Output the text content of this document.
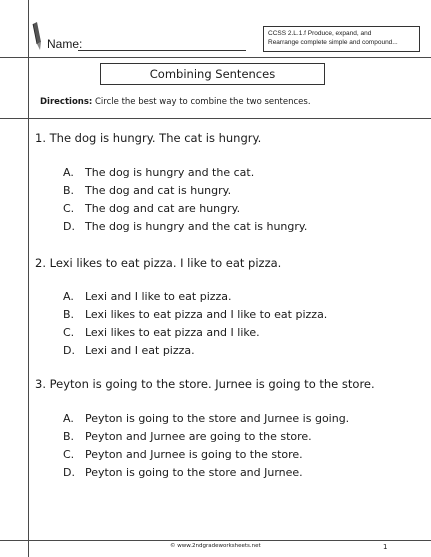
Name:
CCSS 2.L.1.f Produce, expand, and
Rearrange complete simple and compound...
Combining Sentences
Directions: Circle the best way to combine the two sentences.
1. The dog is hungry. The cat is hungry.
A. The dog is hungry and the cat.
B. The dog and cat is hungry.
C. The dog and cat are hungry.
D. The dog is hungry and the cat is hungry.
2. Lexi likes to eat pizza. I like to eat pizza.
A. Lexi and I like to eat pizza.
B. Lexi likes to eat pizza and I like to eat pizza.
C. Lexi likes to eat pizza and I like.
D. Lexi and I eat pizza.
3. Peyton is going to the store. Jurnee is going to the store.
A. Peyton is going to the store and Jurnee is going.
B. Peyton and Jurnee are going to the store.
C. Peyton and Jurnee is going to the store.
D. Peyton is going to the store and Jurnee.
© www.2ndgradeworksheets.net	1
